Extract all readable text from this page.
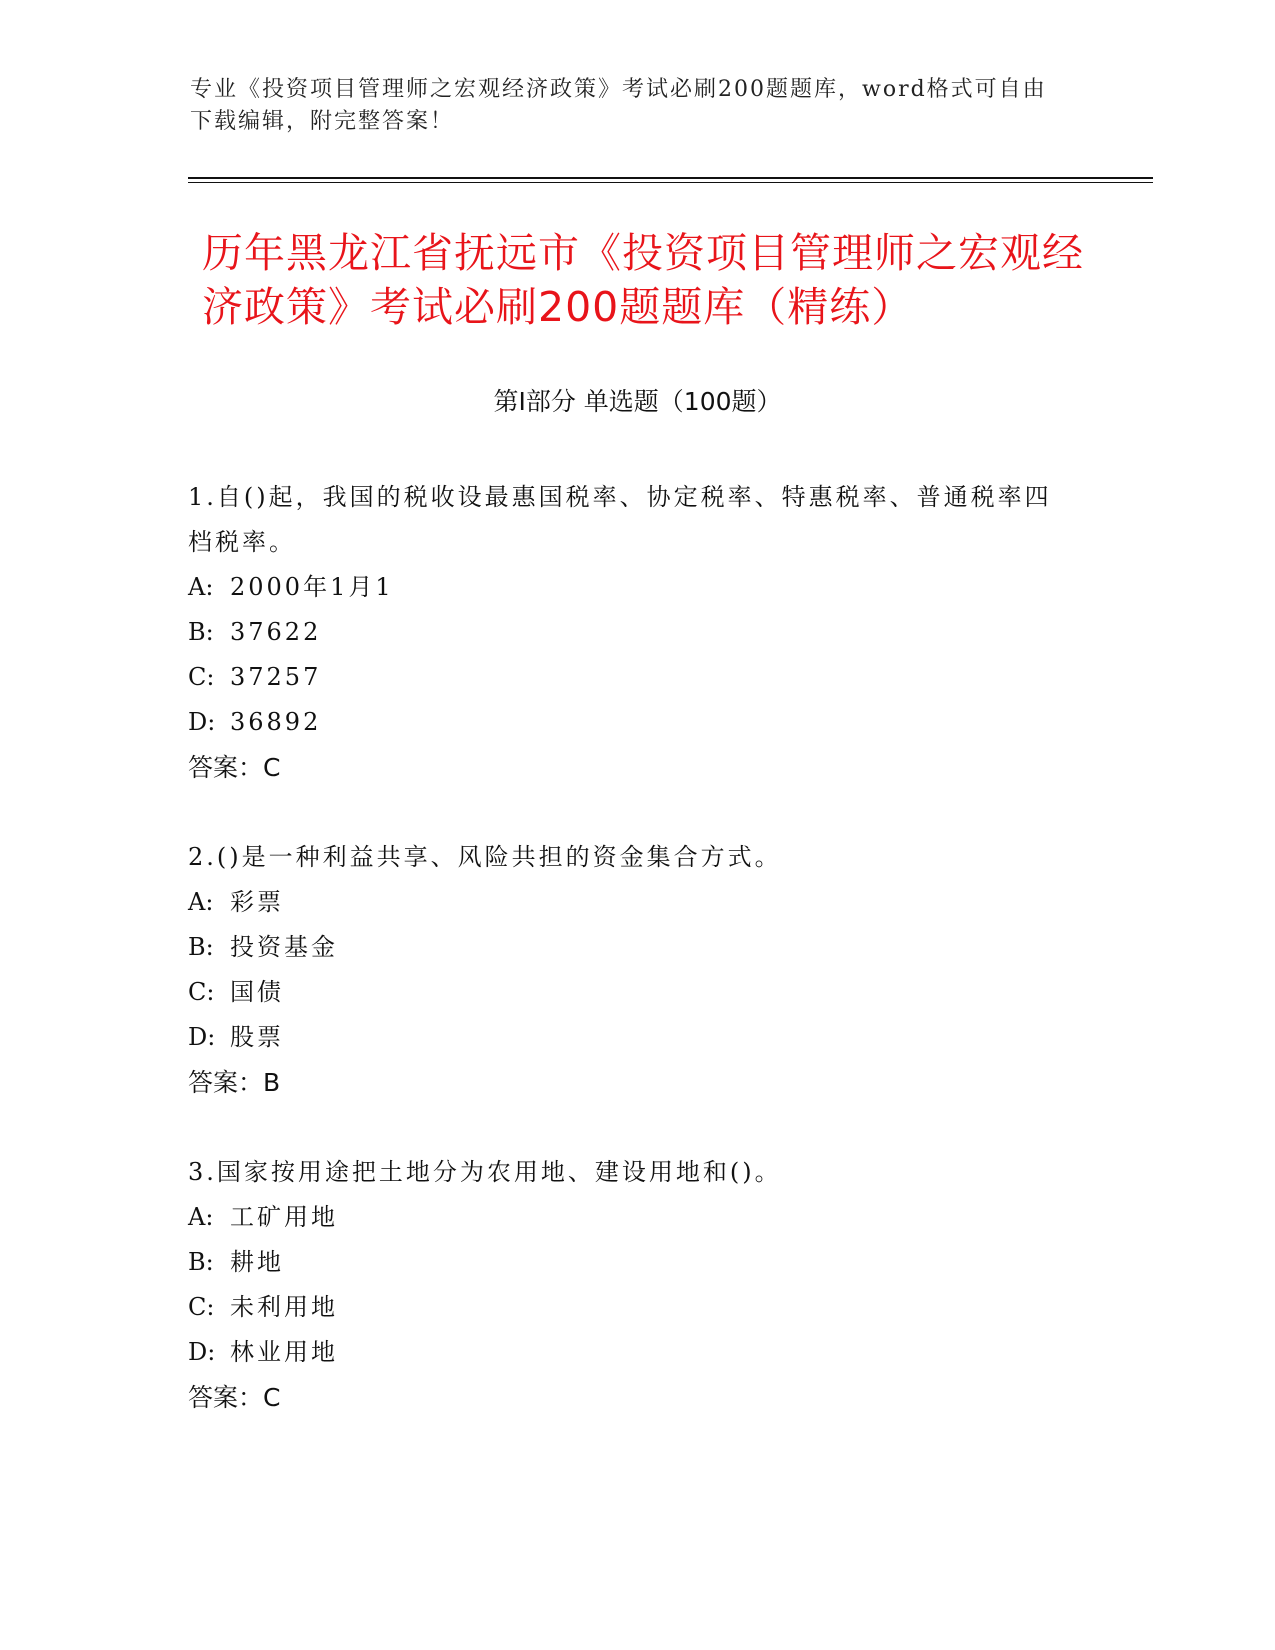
专业《投资项目管理师之宏观经济政策》考试必刷200题题库，word格式可自由下载编辑，附完整答案！
历年黑龙江省抚远市《投资项目管理师之宏观经济政策》考试必刷200题题库（精练）
第Ⅰ部分 单选题（100题）
1.自()起，我国的税收设最惠国税率、协定税率、特惠税率、普通税率四档税率。
A: 2000年1月1
B: 37622
C: 37257
D: 36892
答案：C
2.()是一种利益共享、风险共担的资金集合方式。
A: 彩票
B: 投资基金
C: 国债
D: 股票
答案：B
3.国家按用途把土地分为农用地、建设用地和()。
A: 工矿用地
B: 耕地
C: 未利用地
D: 林业用地
答案：C
